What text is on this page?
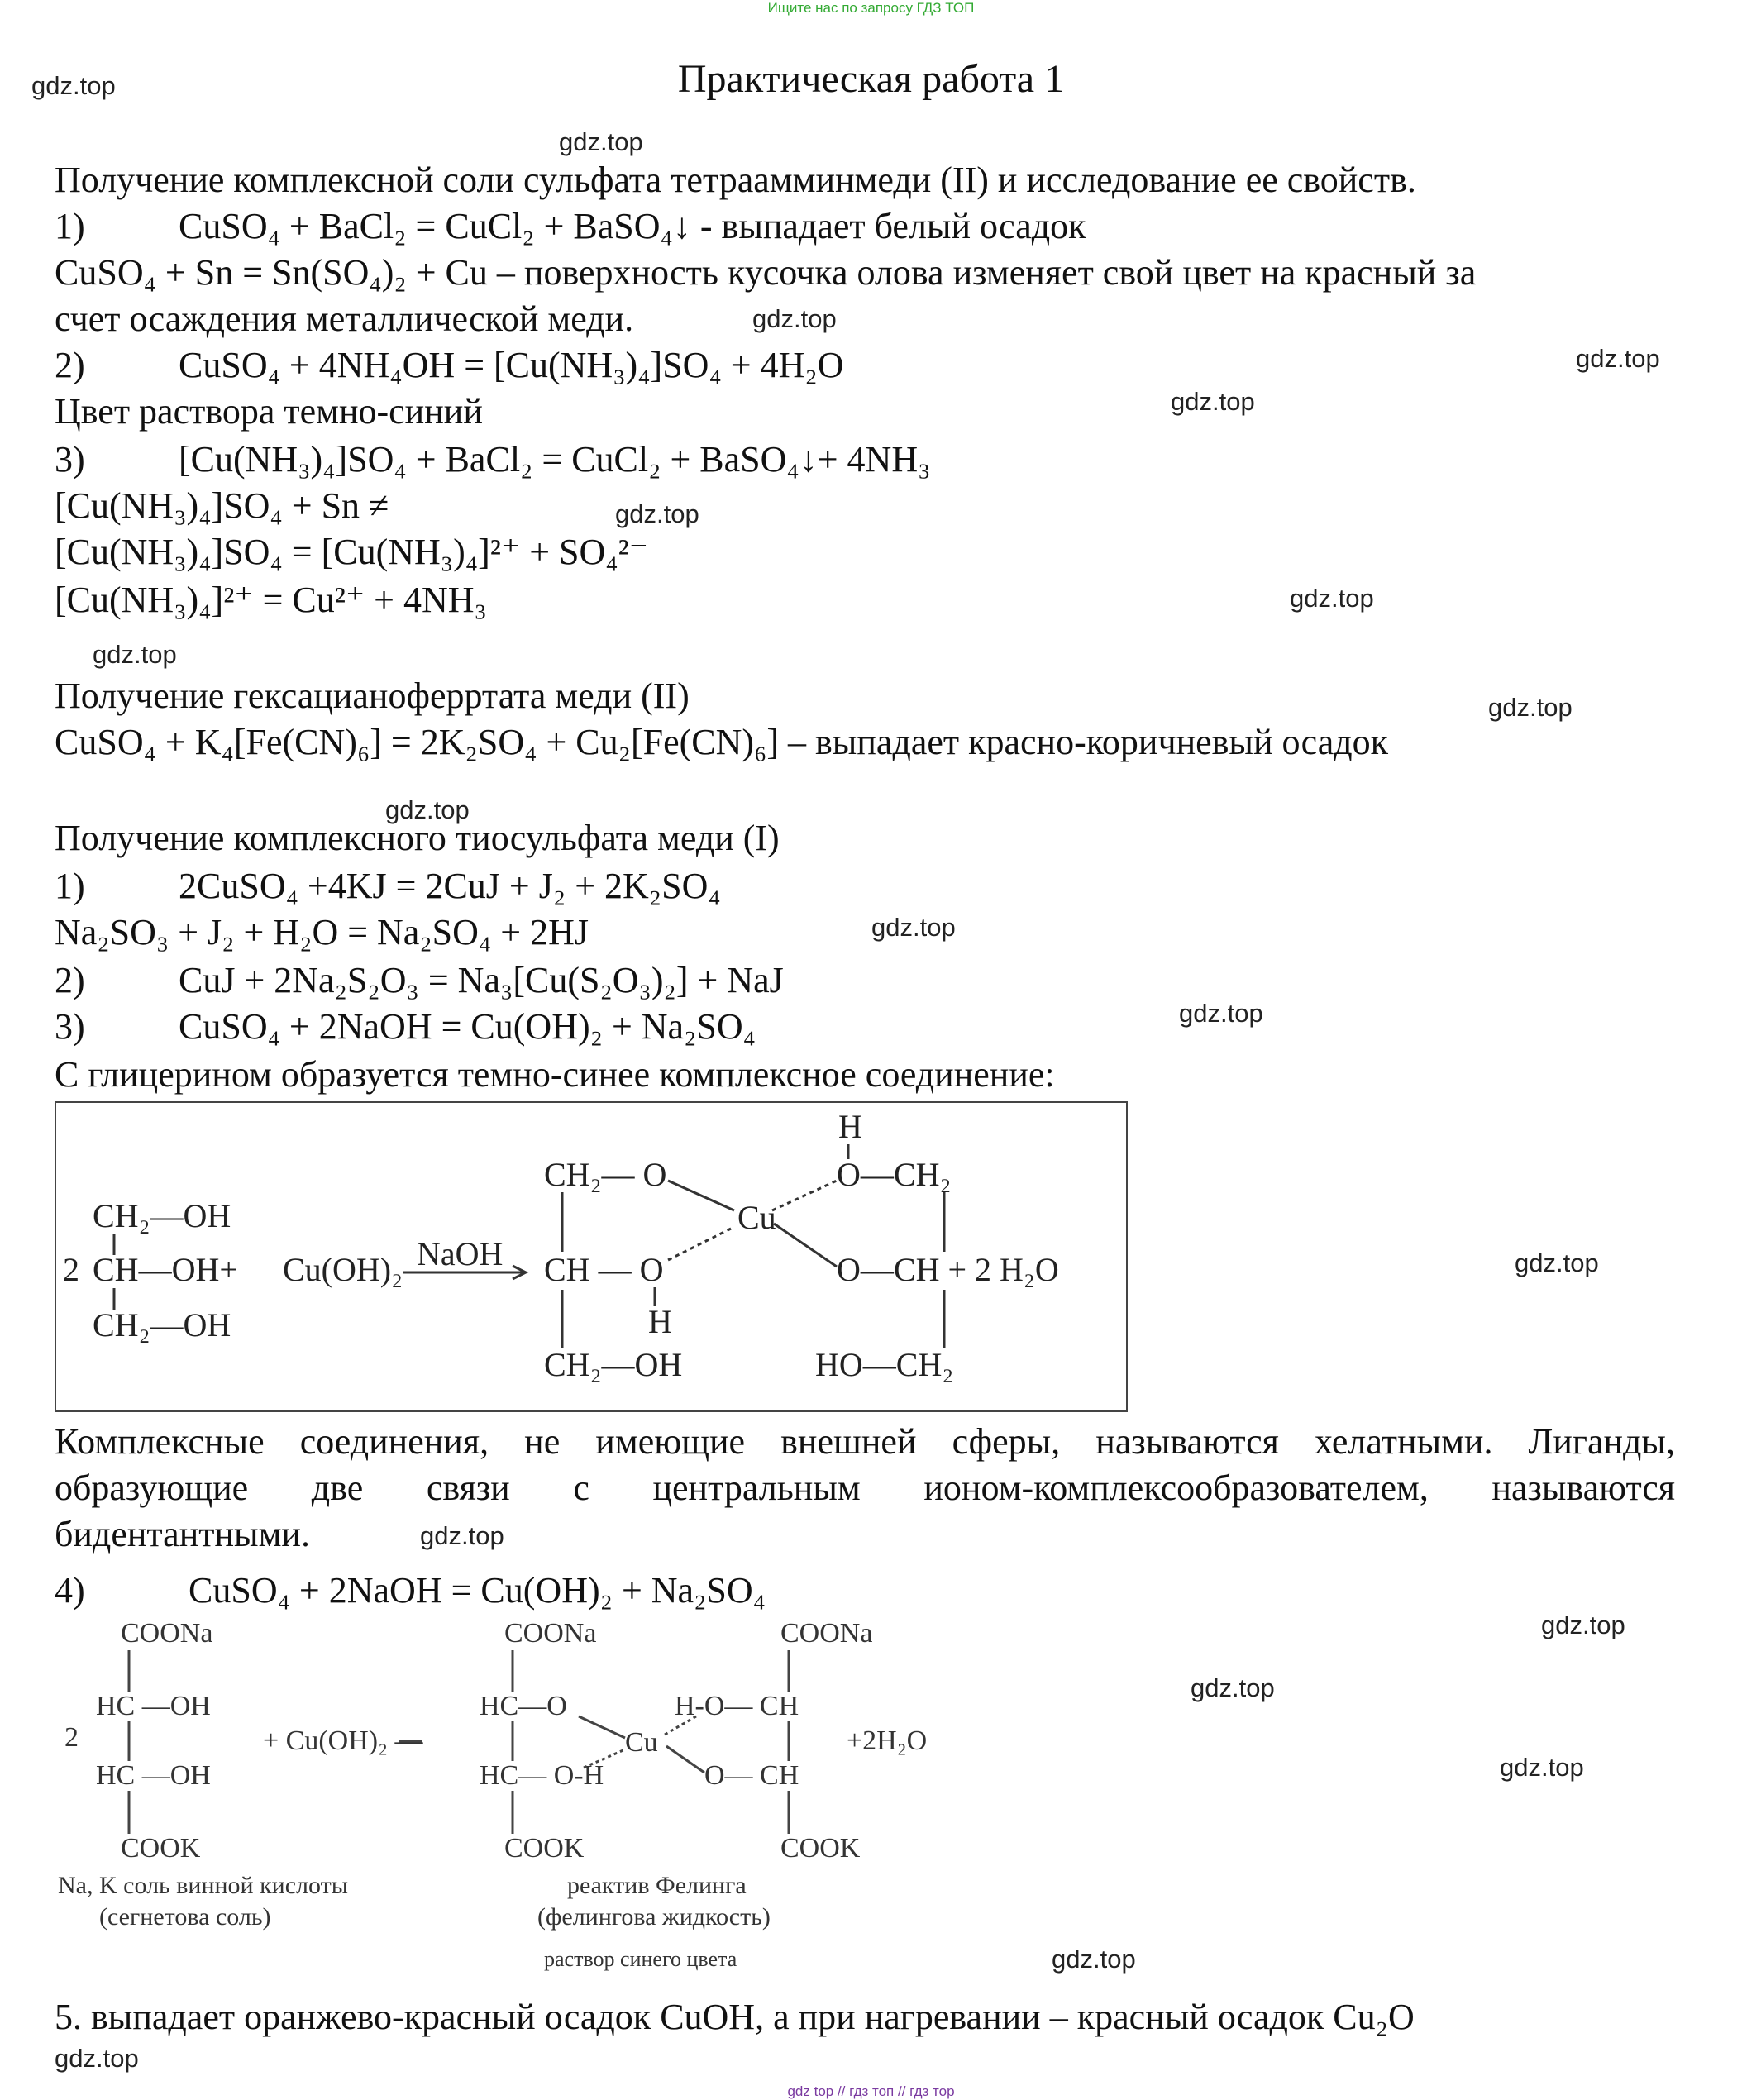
Ищите нас по запросу ГДЗ ТОП
Практическая работа 1
gdz.top
gdz.top
gdz.top
gdz.top
gdz.top
gdz.top
gdz.top
gdz.top
gdz.top
gdz.top
gdz.top
gdz.top
gdz.top
gdz.top
gdz.top
gdz.top
gdz.top
gdz.top
gdz.top
Получение комплексной соли сульфата тетраамминмеди (II) и исследование ее свойств.
1)	CuSO₄ + BaCl₂ = CuCl₂ + BaSO₄↓ - выпадает белый осадок
CuSO₄ + Sn = Sn(SO₄)₂ + Cu – поверхность кусочка олова изменяет свой цвет на красный за
счет осаждения металлической меди.
2)	CuSO₄ + 4NH₄OH = [Cu(NH₃)₄]SO₄ + 4H₂O
Цвет раствора темно-синий
3)	[Cu(NH₃)₄]SO₄ + BaCl₂ = CuCl₂ + BaSO₄↓+ 4NH₃
[Cu(NH₃)₄]SO₄ + Sn ≠
[Cu(NH₃)₄]SO₄ = [Cu(NH₃)₄]²⁺ + SO₄²⁻
[Cu(NH₃)₄]²⁺ = Cu²⁺ + 4NH₃
Получение гексацианоферртата меди (II)
CuSO₄ + K₄[Fe(CN)₆] = 2K₂SO₄ + Cu₂[Fe(CN)₆] – выпадает красно-коричневый осадок
Получение комплексного тиосульфата меди (I)
1)	2CuSO₄ +4KJ = 2CuJ + J₂ + 2K₂SO₄
Na₂SO₃ + J₂ + H₂O = Na₂SO₄ + 2HJ
2)	CuJ + 2Na₂S₂O₃ = Na₃[Cu(S₂O₃)₂] + NaJ
3)	CuSO₄ + 2NaOH = Cu(OH)₂ + Na₂SO₄
С глицерином образуется темно-синее комплексное соединение:
CH₂—OH
2 CH—OH+
CH₂—OH
Cu(OH)₂ NaOH
CH₂— O
CH — O
H
CH₂—OH
Cu
H
O—CH₂
O—CH + 2 H₂O
HO—CH₂
Комплексные соединения, не имеющие внешней сферы, называются хелатными. Лиганды,
образующие две связи с центральным ионом-комплексообразователем, называются
бидентантными.
4)	CuSO₄ + 2NaOH = Cu(OH)₂ + Na₂SO₄
COONa
HC —OH
2
HC —OH
COOK
+ Cu(OH)₂ —
COONa	COONa
HC—O	H-O— CH
Cu	+2H₂O
HC— O-H	O— CH
COOK	COOK
Na, K соль винной кислоты
(сегнетова соль)
реактив Фелинга
(фелингова жидкость)
раствор синего цвета
5. выпадает оранжево-красный осадок CuOH, а при нагревании – красный осадок Cu₂O
gdz top // гдз топ // гдз тор
